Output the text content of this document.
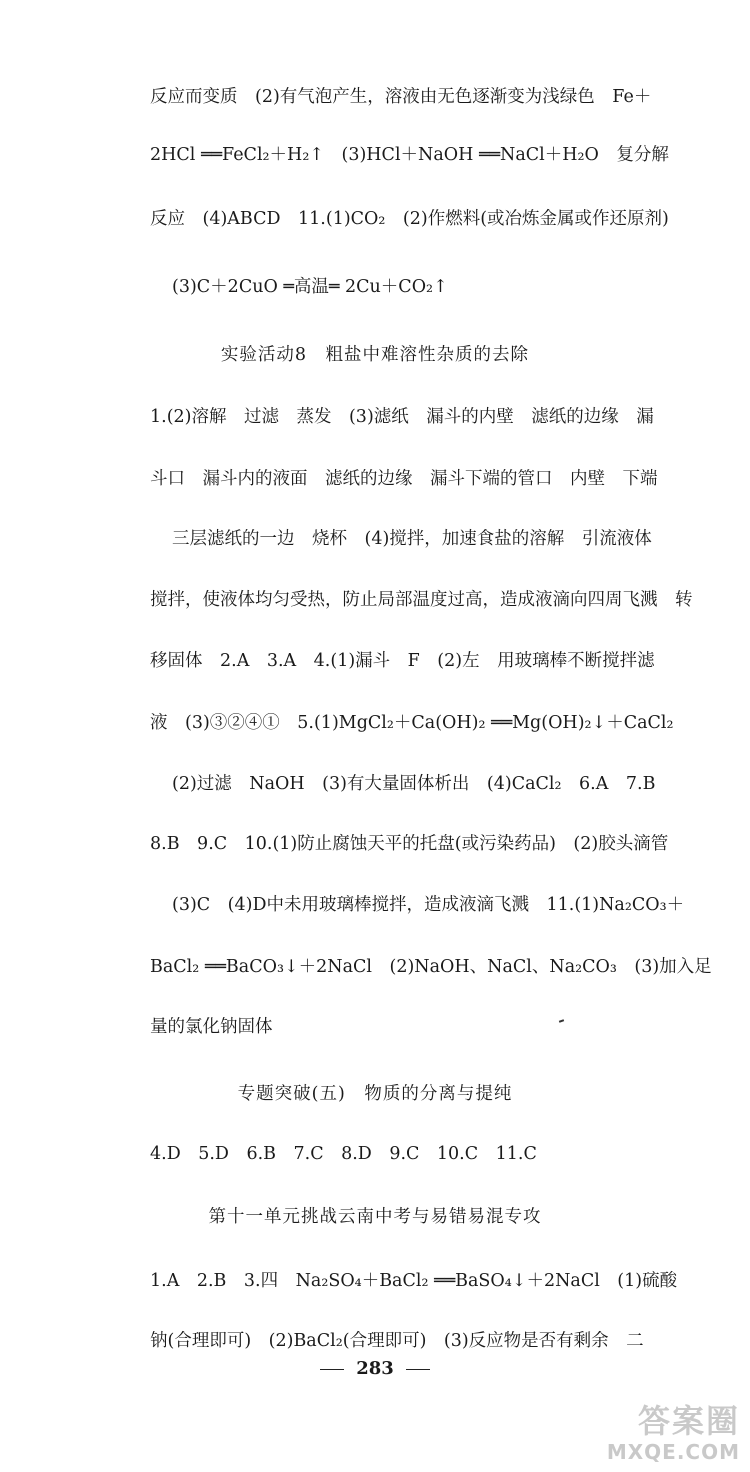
反应而变质　(2)有气泡产生，溶液由无色逐渐变为浅绿色　Fe＋

2HCl ══FeCl₂＋H₂↑　(3)HCl＋NaOH ══NaCl＋H₂O　复分解

反应　(4)ABCD　11.(1)CO₂　(2)作燃料(或冶炼金属或作还原剂)

(3)C＋2CuO ═高温═ 2Cu＋CO₂↑

实验活动8　粗盐中难溶性杂质的去除

1.(2)溶解　过滤　蒸发　(3)滤纸　漏斗的内壁　滤纸的边缘　漏

斗口　漏斗内的液面　滤纸的边缘　漏斗下端的管口　内壁　下端

三层滤纸的一边　烧杯　(4)搅拌，加速食盐的溶解　引流液体

搅拌，使液体均匀受热，防止局部温度过高，造成液滴向四周飞溅　转

移固体　2.A　3.A　4.(1)漏斗　F　(2)左　用玻璃棒不断搅拌滤

液　(3)③②④①　5.(1)MgCl₂＋Ca(OH)₂ ══Mg(OH)₂↓＋CaCl₂

(2)过滤　NaOH　(3)有大量固体析出　(4)CaCl₂　6.A　7.B

8.B　9.C　10.(1)防止腐蚀天平的托盘(或污染药品)　(2)胶头滴管

(3)C　(4)D中未用玻璃棒搅拌，造成液滴飞溅　11.(1)Na₂CO₃＋

BaCl₂ ══BaCO₃↓＋2NaCl　(2)NaOH、NaCl、Na₂CO₃　(3)加入足

量的氯化钠固体

专题突破(五)　物质的分离与提纯

4.D　5.D　6.B　7.C　8.D　9.C　10.C　11.C

第十一单元挑战云南中考与易错易混专攻

1.A　2.B　3.四　Na₂SO₄＋BaCl₂ ══BaSO₄↓＋2NaCl　(1)硫酸

钠(合理即可)　(2)BaCl₂(合理即可)　(3)反应物是否有剩余　二

283
答案圈
MXQE.COM
